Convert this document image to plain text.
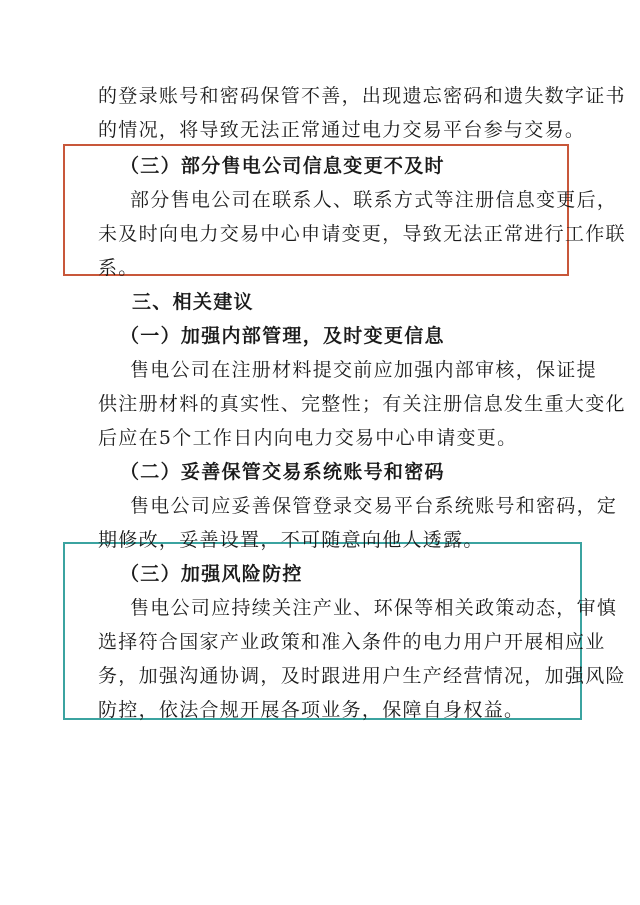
的登录账号和密码保管不善，出现遗忘密码和遗失数字证书
的情况，将导致无法正常通过电力交易平台参与交易。
（三）部分售电公司信息变更不及时
部分售电公司在联系人、联系方式等注册信息变更后，
未及时向电力交易中心申请变更，导致无法正常进行工作联
系。
三、相关建议
（一）加强内部管理，及时变更信息
售电公司在注册材料提交前应加强内部审核，保证提
供注册材料的真实性、完整性；有关注册信息发生重大变化
后应在5个工作日内向电力交易中心申请变更。
（二）妥善保管交易系统账号和密码
售电公司应妥善保管登录交易平台系统账号和密码，定
期修改，妥善设置，不可随意向他人透露。
（三）加强风险防控
售电公司应持续关注产业、环保等相关政策动态，审慎
选择符合国家产业政策和准入条件的电力用户开展相应业
务，加强沟通协调，及时跟进用户生产经营情况，加强风险
防控，依法合规开展各项业务，保障自身权益。
